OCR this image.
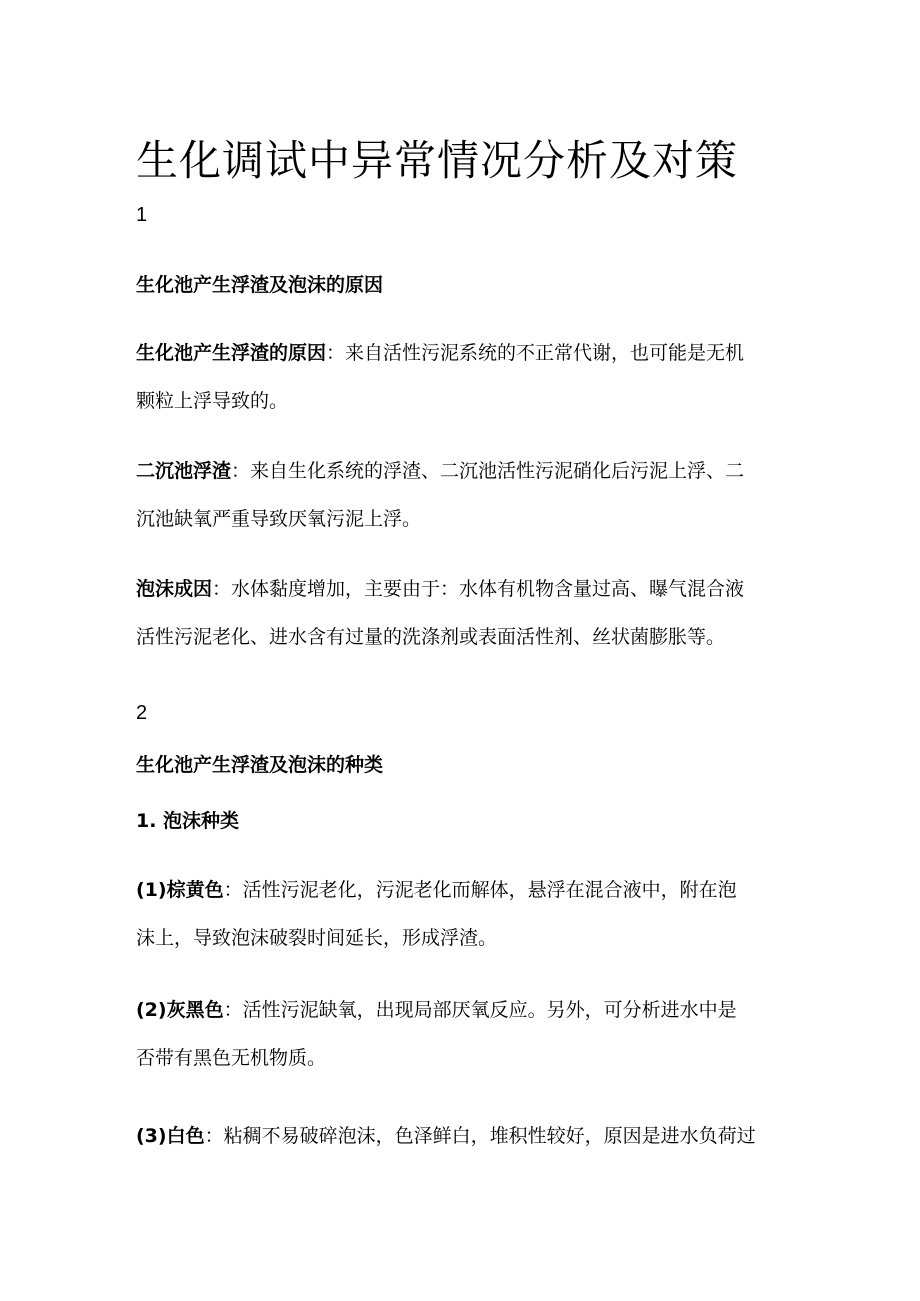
生化调试中异常情况分析及对策

1

生化池产生浮渣及泡沫的原因

生化池产生浮渣的原因：来自活性污泥系统的不正常代谢，也可能是无机
颗粒上浮导致的。
二沉池浮渣：来自生化系统的浮渣、二沉池活性污泥硝化后污泥上浮、二
沉池缺氧严重导致厌氧污泥上浮。
泡沫成因：水体黏度增加，主要由于：水体有机物含量过高、曝气混合液
活性污泥老化、进水含有过量的洗涤剂或表面活性剂、丝状菌膨胀等。

2

生化池产生浮渣及泡沫的种类

1. 泡沫种类

(1)棕黄色：活性污泥老化，污泥老化而解体，悬浮在混合液中，附在泡
沫上，导致泡沫破裂时间延长，形成浮渣。
(2)灰黑色：活性污泥缺氧，出现局部厌氧反应。另外，可分析进水中是
否带有黑色无机物质。
(3)白色：粘稠不易破碎泡沫，色泽鲜白，堆积性较好，原因是进水负荷过
